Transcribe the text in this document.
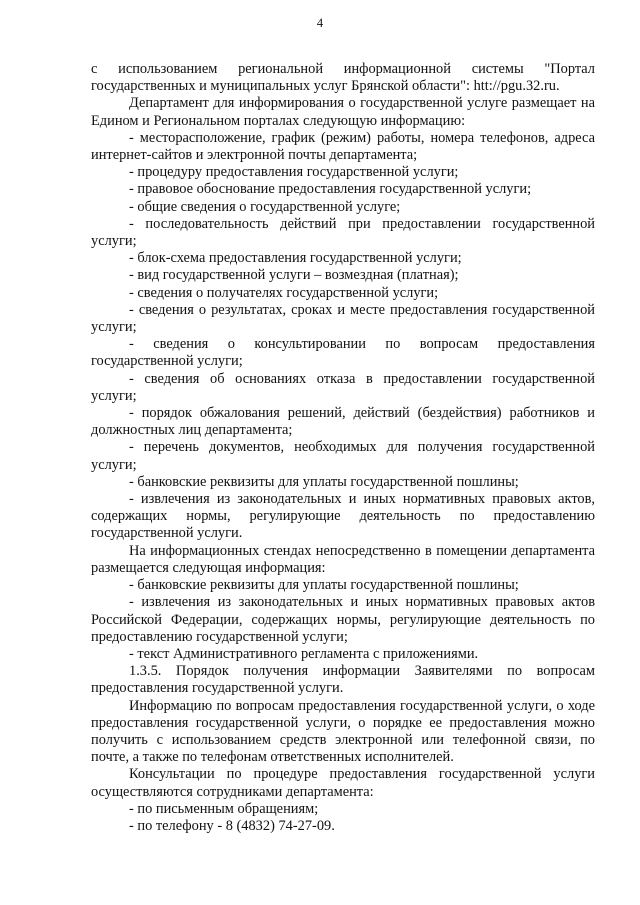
4

с использованием региональной информационной системы "Портал государственных и муниципальных услуг Брянской области": htt://pgu.32.ru.

Департамент для информирования о государственной услуге размещает на Едином и Региональном порталах следующую информацию:

- месторасположение, график (режим) работы, номера телефонов, адреса интернет-сайтов и электронной почты департамента;

- процедуру предоставления государственной услуги;

- правовое обоснование предоставления государственной услуги;

- общие сведения о государственной услуге;

- последовательность действий при предоставлении государственной услуги;

- блок-схема предоставления государственной услуги;

- вид государственной услуги – возмездная (платная);

- сведения о получателях государственной услуги;

- сведения о результатах, сроках и месте предоставления государственной услуги;

- сведения о консультировании по вопросам предоставления государственной услуги;

- сведения об основаниях отказа в предоставлении государственной услуги;

- порядок обжалования решений, действий (бездействия) работников и должностных лиц департамента;

- перечень документов, необходимых для получения государственной услуги;

- банковские реквизиты для уплаты государственной пошлины;

- извлечения из законодательных и иных нормативных правовых актов, содержащих нормы, регулирующие деятельность по предоставлению государственной услуги.

На информационных стендах непосредственно в помещении департамента размещается следующая информация:

- банковские реквизиты для уплаты государственной пошлины;

- извлечения из законодательных и иных нормативных правовых актов Российской Федерации, содержащих нормы, регулирующие деятельность по предоставлению государственной услуги;

- текст Административного регламента с приложениями.

1.3.5. Порядок получения информации Заявителями по вопросам предоставления государственной услуги.

Информацию по вопросам предоставления государственной услуги, о ходе предоставления государственной услуги, о порядке ее предоставления можно получить с использованием средств электронной или телефонной связи, по почте, а также по телефонам ответственных исполнителей.

Консультации по процедуре предоставления государственной услуги осуществляются сотрудниками департамента:

- по письменным обращениям;

- по телефону - 8 (4832) 74-27-09.
